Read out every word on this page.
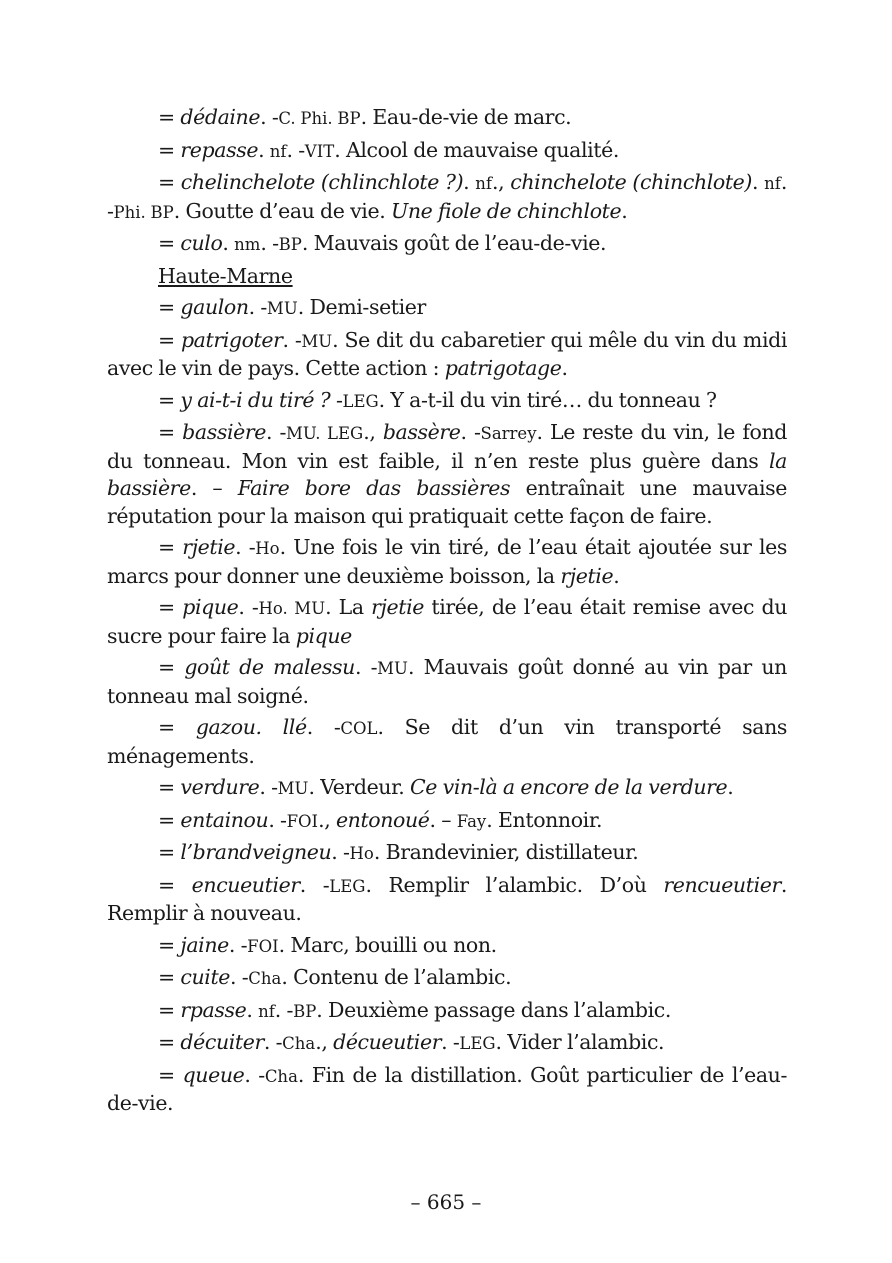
= dédaine. -C. Phi. BP. Eau-de-vie de marc.

= repasse. nf. -VIT. Alcool de mauvaise qualité.

= chelinchelote (chlinchlote ?). nf., chinchelote (chinchlote). nf. -Phi. BP. Goutte d’eau de vie. Une fiole de chinchlote.

= culo. nm. -BP. Mauvais goût de l’eau-de-vie.

Haute-Marne

= gaulon. -MU. Demi-setier

= patrigoter. -MU. Se dit du cabaretier qui mêle du vin du midi avec le vin de pays. Cette action : patrigotage.

= y ai-t-i du tiré ? -LEG. Y a-t-il du vin tiré… du tonneau ?

= bassière. -MU. LEG., bassère. -Sarrey. Le reste du vin, le fond du tonneau. Mon vin est faible, il n’en reste plus guère dans la bassière. – Faire bore das bassières entraînait une mauvaise réputation pour la maison qui pratiquait cette façon de faire.

= rjetie. -Ho. Une fois le vin tiré, de l’eau était ajoutée sur les marcs pour donner une deuxième boisson, la rjetie.

= pique. -Ho. MU. La rjetie tirée, de l’eau était remise avec du sucre pour faire la pique

= goût de malessu. -MU. Mauvais goût donné au vin par un tonneau mal soigné.

= gazou. llé. -COL. Se dit d’un vin transporté sans ménagements.

= verdure. -MU. Verdeur. Ce vin-là a encore de la verdure.

= entainou. -FOI., entonoué. – Fay. Entonnoir.

= l’brandveigneu. -Ho. Brandevinier, distillateur.

= encueutier. -LEG. Remplir l’alambic. D’où rencueutier. Remplir à nouveau.

= jaine. -FOI. Marc, bouilli ou non.

= cuite. -Cha. Contenu de l’alambic.

= rpasse. nf. -BP. Deuxième passage dans l’alambic.

= décuiter. -Cha., décueutier. -LEG. Vider l’alambic.

= queue. -Cha. Fin de la distillation. Goût particulier de l’eau-de-vie.

– 665 –
